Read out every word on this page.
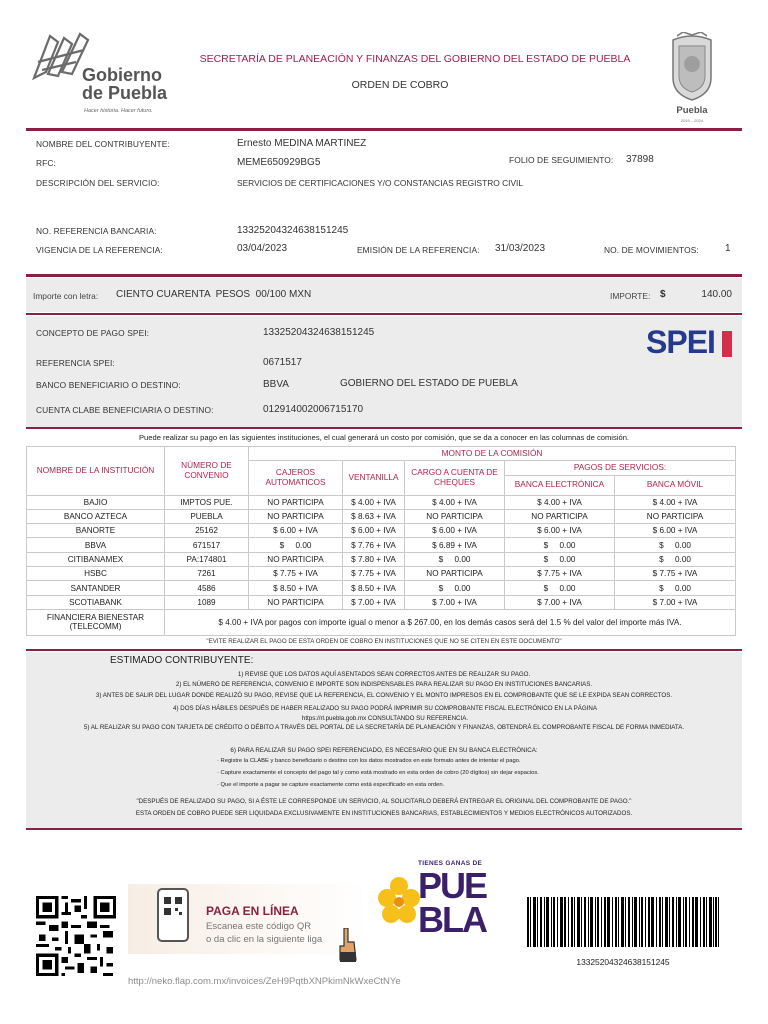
Gobierno
de Puebla
Hacer historia. Hacer futuro.
SECRETARÍA DE PLANEACIÓN Y FINANZAS DEL GOBIERNO DEL ESTADO DE PUEBLA
ORDEN DE COBRO
Puebla
2019 – 2024
NOMBRE DEL CONTRIBUYENTE:	Ernesto MEDINA MARTINEZ
RFC:	MEME650929BG5	FOLIO DE SEGUIMIENTO: 37898
DESCRIPCIÓN DEL SERVICIO:	SERVICIOS DE CERTIFICACIONES Y/O CONSTANCIAS REGISTRO CIVIL
NO. REFERENCIA BANCARIA:	13325204324638151245
VIGENCIA DE LA REFERENCIA:	03/04/2023	EMISIÓN DE LA REFERENCIA: 31/03/2023	NO. DE MOVIMIENTOS:	1
Importe con letra: CIENTO CUARENTA  PESOS  00/100 MXN	IMPORTE: $	140.00
CONCEPTO DE PAGO SPEI:	13325204324638151245
REFERENCIA SPEI:	0671517
BANCO BENEFICIARIO O DESTINO:	BBVA	GOBIERNO DEL ESTADO DE PUEBLA
CUENTA CLABE BENEFICIARIA O DESTINO:	012914002006715170
SPEI
Puede realizar su pago en las siguientes instituciones, el cual generará un costo por comisión, que se da a conocer en las columnas de comisión.
NOMBRE DE LA INSTITUCIÓN	NÚMERO DE CONVENIO	MONTO DE LA COMISIÓN				
		CAJEROS AUTOMATICOS	VENTANILLA	CARGO A CUENTA DE CHEQUES	PAGOS DE SERVICIOS:	
					BANCA ELECTRÓNICA	BANCA MÓVIL
BAJIO	IMPTOS PUE.	NO PARTICIPA	$ 4.00 + IVA	$ 4.00 + IVA	$ 4.00 + IVA	$ 4.00 + IVA
BANCO AZTECA	PUEBLA	NO PARTICIPA	$ 8.63 + IVA	NO PARTICIPA	NO PARTICIPA	NO PARTICIPA
BANORTE	25162	$ 6.00 + IVA	$ 6.00 + IVA	$ 6.00 + IVA	$ 6.00 + IVA	$ 6.00 + IVA
BBVA	671517	$     0.00	$ 7.76 + IVA	$ 6.89 + IVA	$     0.00	$     0.00
CITIBANAMEX	PA:174801	NO PARTICIPA	$ 7.80 + IVA	$     0.00	$     0.00	$     0.00
HSBC	7261	$ 7.75 + IVA	$ 7.75 + IVA	NO PARTICIPA	$ 7.75 + IVA	$ 7.75 + IVA
SANTANDER	4586	$ 8.50 + IVA	$ 8.50 + IVA	$     0.00	$     0.00	$     0.00
SCOTIABANK	1089	NO PARTICIPA	$ 7.00 + IVA	$ 7.00 + IVA	$ 7.00 + IVA	$ 7.00 + IVA
FINANCIERA BIENESTAR (TELECOMM)	$ 4.00 + IVA por pagos con importe igual o menor a $ 267.00, en los demás casos será del 1.5 % del valor del importe más IVA.					
"EVITE REALIZAR EL PAGO DE ESTA ORDEN DE COBRO EN INSTITUCIONES QUE NO SE CITEN EN ESTE DOCUMENTO"
ESTIMADO CONTRIBUYENTE:
1) REVISE QUE LOS DATOS AQUÍ ASENTADOS SEAN CORRECTOS ANTES DE REALIZAR SU PAGO.
2) EL NÚMERO DE REFERENCIA, CONVENIO E IMPORTE SON INDISPENSABLES PARA REALIZAR SU PAGO EN INSTITUCIONES BANCARIAS.
3) ANTES DE SALIR DEL LUGAR DONDE REALIZÓ SU PAGO, REVISE QUE LA REFERENCIA, EL CONVENIO Y EL MONTO IMPRESOS EN EL COMPROBANTE QUE SE LE EXPIDA SEAN CORRECTOS.
4) DOS DÍAS HÁBILES DESPUÉS DE HABER REALIZADO SU PAGO PODRÁ IMPRIMIR SU COMPROBANTE FISCAL ELECTRÓNICO EN LA PÁGINA https://rl.puebla.gob.mx CONSULTANDO SU REFERENCIA.
5) AL REALIZAR SU PAGO CON TARJETA DE CRÉDITO O DÉBITO A TRAVÉS DEL PORTAL DE LA SECRETARÍA DE PLANEACIÓN Y FINANZAS, OBTENDRÁ EL COMPROBANTE FISCAL DE FORMA INMEDIATA.
6) PARA REALIZAR SU PAGO SPEI REFERENCIADO, ES NECESARIO QUE EN SU BANCA ELECTRÓNICA:
· Registre la CLABE y banco beneficiario o destino con los datos mostrados en este formato antes de intentar el pago.
· Capture exactamente el concepto del pago tal y como está mostrado en esta orden de cobro (20 dígitos) sin dejar espacios.
· Que el importe a pagar se capture exactamente como está especificado en esta orden.
"DESPUÉS DE REALIZADO SU PAGO, SI A ÉSTE LE CORRESPONDE UN SERVICIO, AL SOLICITARLO DEBERÁ ENTREGAR EL ORIGINAL DEL COMPROBANTE DE PAGO."
ESTA ORDEN DE COBRO PUEDE SER LIQUIDADA EXCLUSIVAMENTE EN INSTITUCIONES BANCARIAS, ESTABLECIMIENTOS Y MEDIOS ELECTRÓNICOS AUTORIZADOS.
PAGA EN LÍNEA
Escanea este código QR
o da clic en la siguiente liga
http://neko.flap.com.mx/invoices/ZeH9PqtbXNPkimNkWxeCtNYe
TIENES GANAS DE
PUE
BLA
13325204324638151245
